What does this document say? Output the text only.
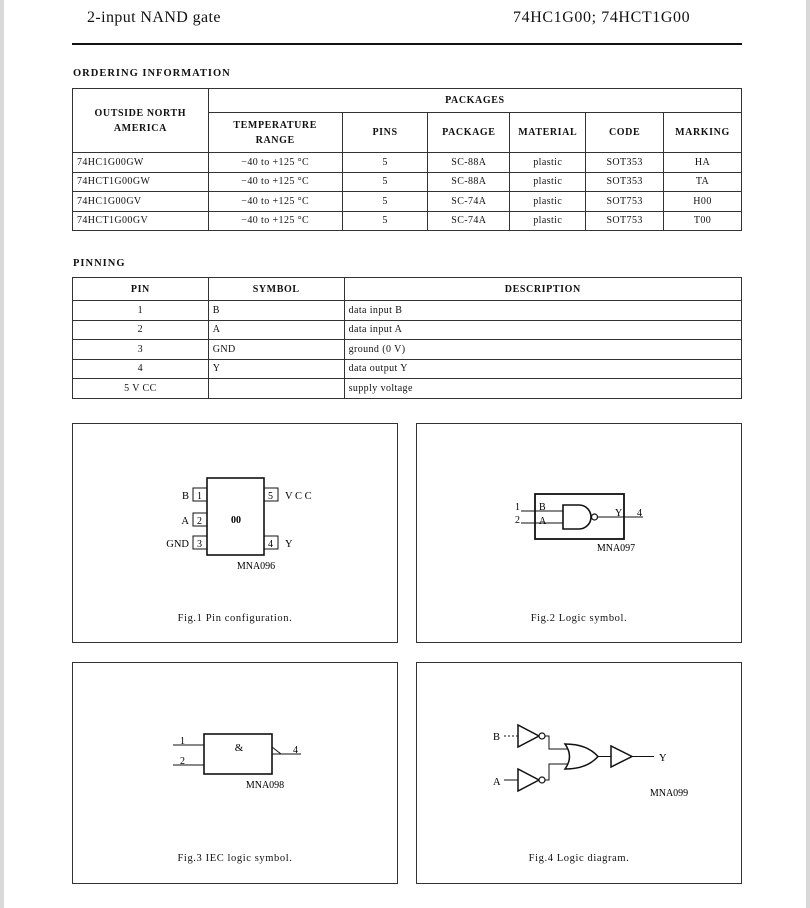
2-input NAND gate	74HC1G00; 74HCT1G00
ORDERING INFORMATION
OUTSIDE NORTH AMERICA	PACKAGES					
	TEMPERATURE RANGE	PINS	PACKAGE	MATERIAL	CODE	MARKING
74HC1G00GW	−40 to +125 °C	5	SC-88A	plastic	SOT353	HA
74HCT1G00GW	−40 to +125 °C	5	SC-88A	plastic	SOT353	TA
74HC1G00GV	−40 to +125 °C	5	SC-74A	plastic	SOT753	H00
74HCT1G00GV	−40 to +125 °C	5	SC-74A	plastic	SOT753	T00
PINNING
PIN	SYMBOL	DESCRIPTION
1	B	data input B
2	A	data input A
3	GND	ground (0 V)
4	Y	data output Y
5 V CC		supply voltage
1
2
3
5
4
B
A
GND
V C C
Y
00
MNA096
Fig.1 Pin configuration.
1
2
B
A
Y 4
MNA097
Fig.2 Logic symbol.
1
2
4
&
MNA098
Fig.3 IEC logic symbol.
B
A
Y
MNA099
Fig.4 Logic diagram.
